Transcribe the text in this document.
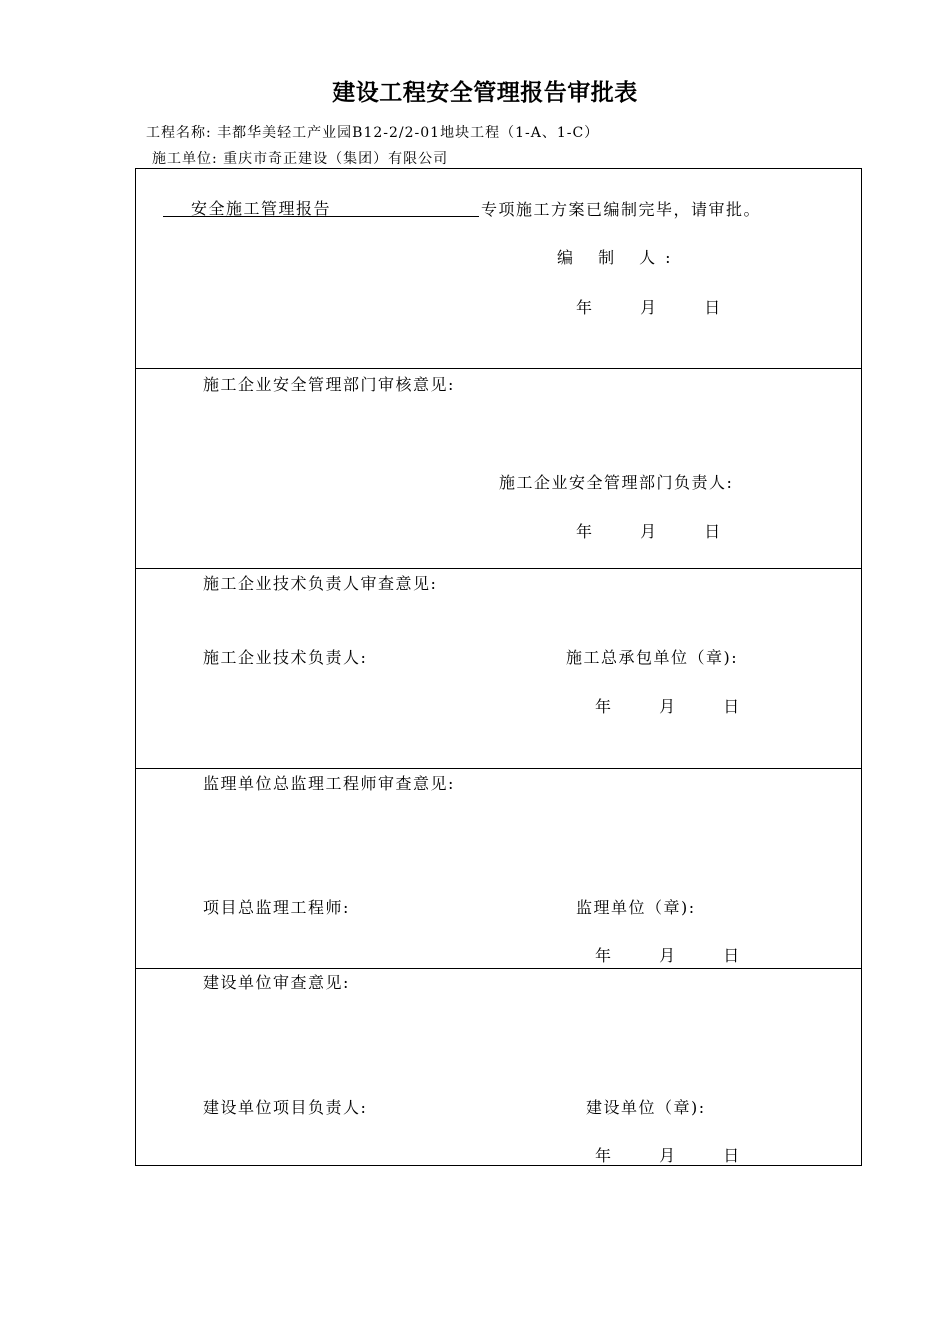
建设工程安全管理报告审批表
工程名称: 丰都华美轻工产业园B12-2/2-01地块工程（1-A、1-C）
施工单位: 重庆市奇正建设（集团）有限公司
安全施工管理报告	专项施工方案已编制完毕，请审批。
编 制 人:
年	月	日
施工企业安全管理部门审核意见:
施工企业安全管理部门负责人:
年	月	日
施工企业技术负责人审查意见:
施工企业技术负责人:	施工总承包单位（章):
年	月	日
监理单位总监理工程师审查意见:
项目总监理工程师:	监理单位（章):
年	月	日
建设单位审查意见:
建设单位项目负责人:	建设单位（章):
年	月	日
